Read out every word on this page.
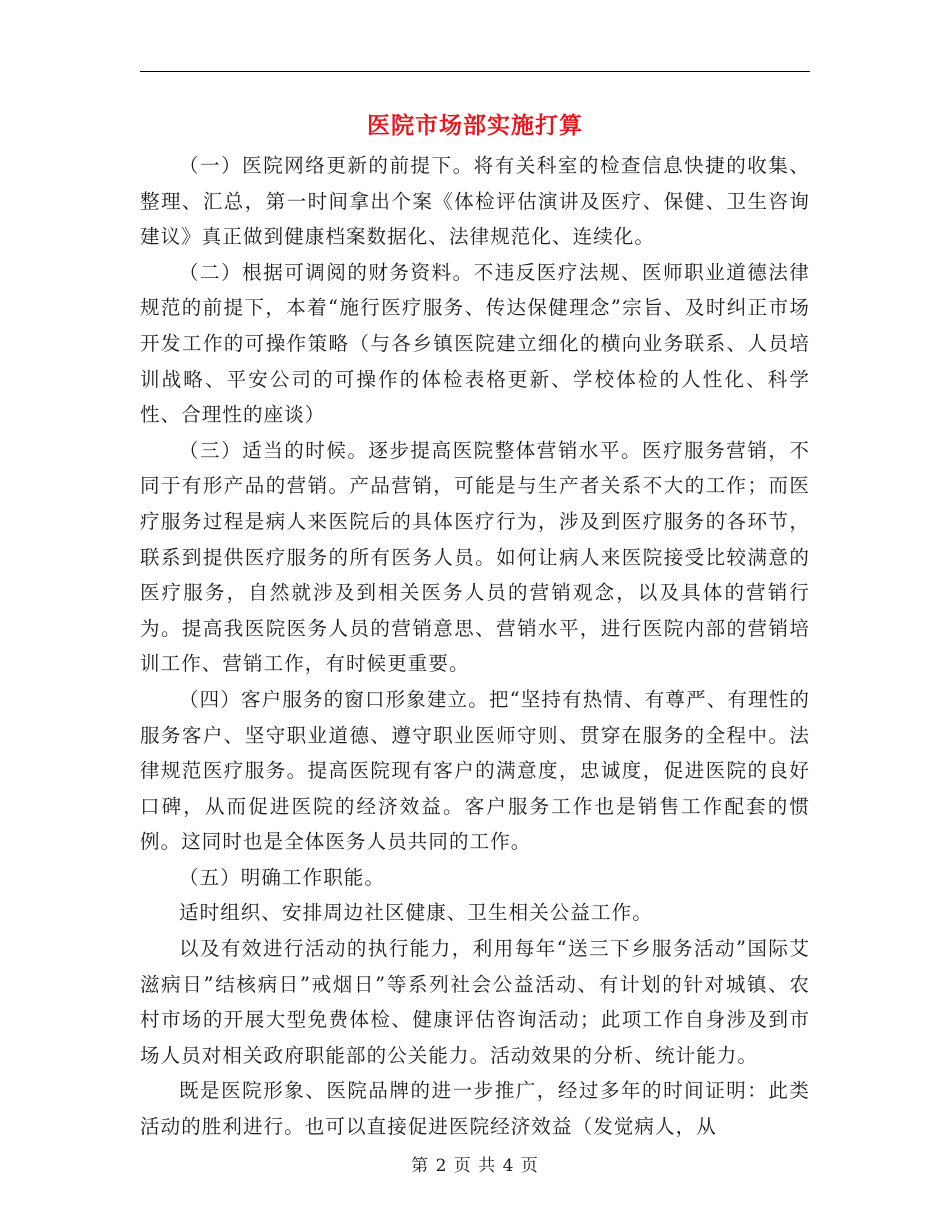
医院市场部实施打算

（一）医院网络更新的前提下。将有关科室的检查信息快捷的收集、整理、汇总，第一时间拿出个案《体检评估演讲及医疗、保健、卫生咨询建议》真正做到健康档案数据化、法律规范化、连续化。

（二）根据可调阅的财务资料。不违反医疗法规、医师职业道德法律规范的前提下，本着“施行医疗服务、传达保健理念”宗旨、及时纠正市场开发工作的可操作策略（与各乡镇医院建立细化的横向业务联系、人员培训战略、平安公司的可操作的体检表格更新、学校体检的人性化、科学性、合理性的座谈）

（三）适当的时候。逐步提高医院整体营销水平。医疗服务营销，不同于有形产品的营销。产品营销，可能是与生产者关系不大的工作；而医疗服务过程是病人来医院后的具体医疗行为，涉及到医疗服务的各环节，联系到提供医疗服务的所有医务人员。如何让病人来医院接受比较满意的医疗服务，自然就涉及到相关医务人员的营销观念，以及具体的营销行为。提高我医院医务人员的营销意思、营销水平，进行医院内部的营销培训工作、营销工作，有时候更重要。

（四）客户服务的窗口形象建立。把“坚持有热情、有尊严、有理性的服务客户、坚守职业道德、遵守职业医师守则、贯穿在服务的全程中。法律规范医疗服务。提高医院现有客户的满意度，忠诚度，促进医院的良好口碑，从而促进医院的经济效益。客户服务工作也是销售工作配套的惯例。这同时也是全体医务人员共同的工作。

（五）明确工作职能。

适时组织、安排周边社区健康、卫生相关公益工作。

以及有效进行活动的执行能力，利用每年“送三下乡服务活动”国际艾滋病日”结核病日”戒烟日”等系列社会公益活动、有计划的针对城镇、农村市场的开展大型免费体检、健康评估咨询活动；此项工作自身涉及到市场人员对相关政府职能部的公关能力。活动效果的分析、统计能力。

既是医院形象、医院品牌的进一步推广，经过多年的时间证明：此类活动的胜利进行。也可以直接促进医院经济效益（发觉病人，从

第 2 页 共 4 页
